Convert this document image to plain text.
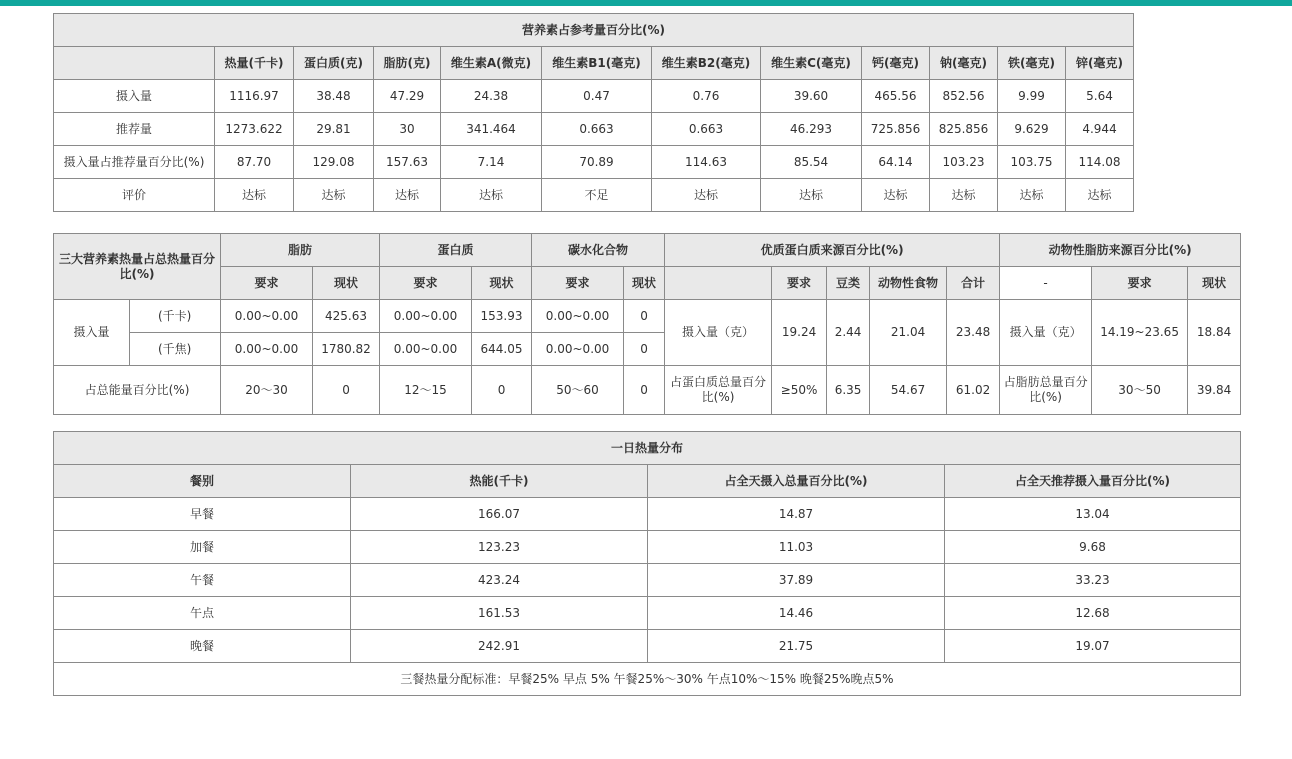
营养素占参考量百分比(%)											
	热量(千卡)	蛋白质(克)	脂肪(克)	维生素A(微克)	维生素B1(毫克)	维生素B2(毫克)	维生素C(毫克)	钙(毫克)	钠(毫克)	铁(毫克)	锌(毫克)
摄入量	1116.97	38.48	47.29	24.38	0.47	0.76	39.60	465.56	852.56	9.99	5.64
推荐量	1273.622	29.81	30	341.464	0.663	0.663	46.293	725.856	825.856	9.629	4.944
摄入量占推荐量百分比(%)	87.70	129.08	157.63	7.14	70.89	114.63	85.54	64.14	103.23	103.75	114.08
评价	达标	达标	达标	达标	不足	达标	达标	达标	达标	达标	达标
三大营养素热量占总热量百分比(%)		脂肪		蛋白质		碳水化合物		优质蛋白质来源百分比(%)					动物性脂肪来源百分比(%)		
		要求	现状	要求	现状	要求	现状		要求	豆类	动物性食物	合计	-	要求	现状
摄入量	(千卡)	0.00~0.00	425.63	0.00~0.00	153.93	0.00~0.00	0	摄入量（克）	19.24	2.44	21.04	23.48	摄入量（克）	14.19~23.65	18.84
	(千焦)	0.00~0.00	1780.82	0.00~0.00	644.05	0.00~0.00	0								
占总能量百分比(%)		20～30	0	12～15	0	50～60	0	占蛋白质总量百分比(%)	≥50%	6.35	54.67	61.02	占脂肪总量百分比(%)	30～50	39.84
一日热量分布			
餐别	热能(千卡)	占全天摄入总量百分比(%)	占全天推荐摄入量百分比(%)
早餐	166.07	14.87	13.04
加餐	123.23	11.03	9.68
午餐	423.24	37.89	33.23
午点	161.53	14.46	12.68
晚餐	242.91	21.75	19.07
三餐热量分配标准：早餐25% 早点 5% 午餐25%～30% 午点10%～15% 晚餐25%晚点5%			
